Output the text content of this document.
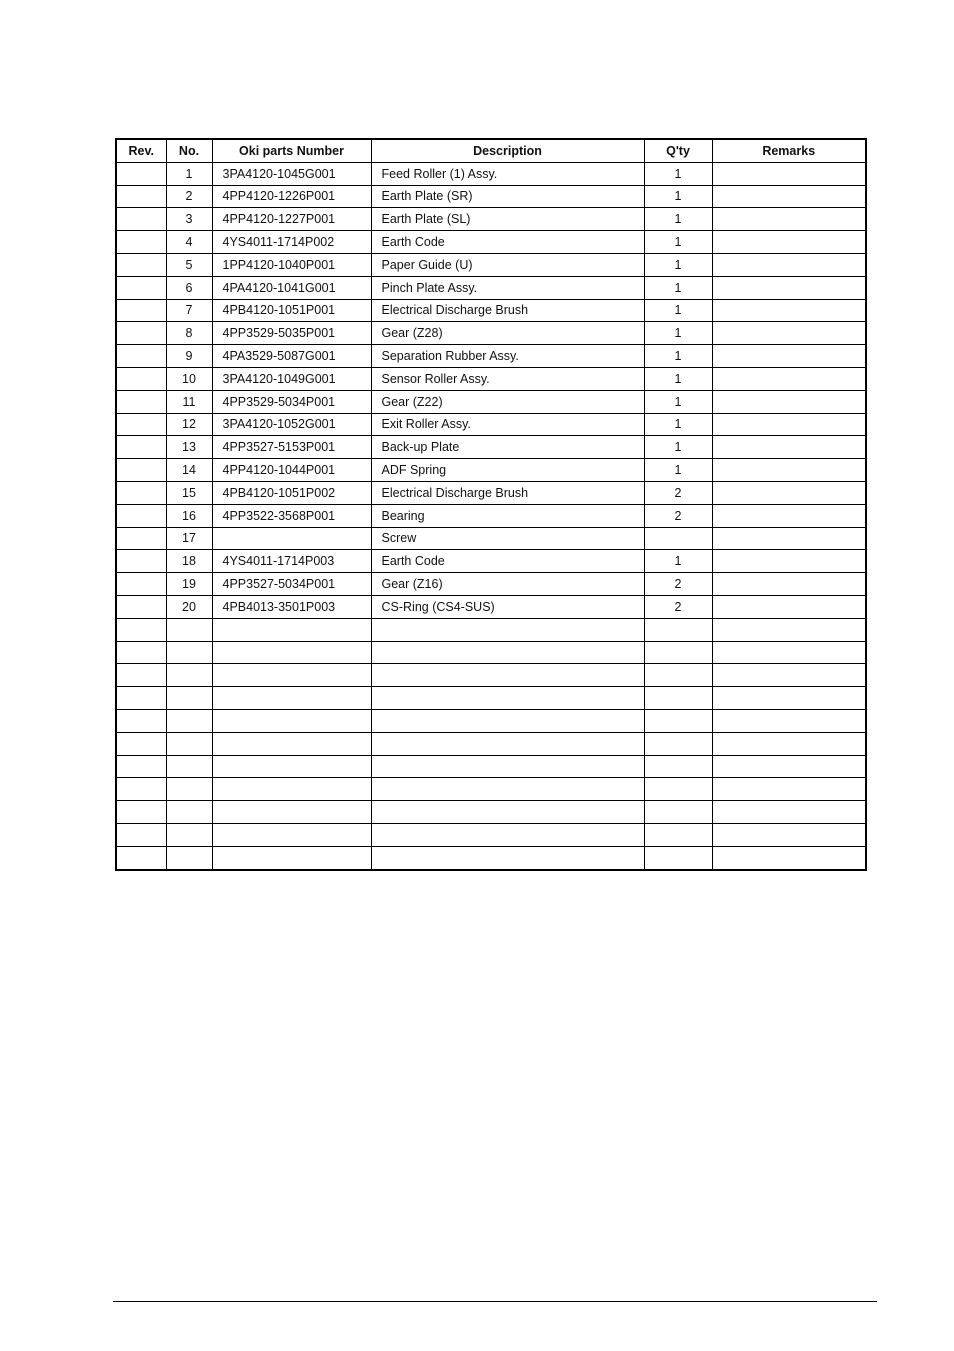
Rev.	No.	Oki parts Number	Description	Q'ty	Remarks
	1	3PA4120-1045G001	Feed Roller (1) Assy.	1	
	2	4PP4120-1226P001	Earth Plate (SR)	1	
	3	4PP4120-1227P001	Earth Plate (SL)	1	
	4	4YS4011-1714P002	Earth Code	1	
	5	1PP4120-1040P001	Paper Guide (U)	1	
	6	4PA4120-1041G001	Pinch Plate Assy.	1	
	7	4PB4120-1051P001	Electrical Discharge Brush	1	
	8	4PP3529-5035P001	Gear (Z28)	1	
	9	4PA3529-5087G001	Separation Rubber Assy.	1	
	10	3PA4120-1049G001	Sensor Roller Assy.	1	
	11	4PP3529-5034P001	Gear (Z22)	1	
	12	3PA4120-1052G001	Exit Roller Assy.	1	
	13	4PP3527-5153P001	Back-up Plate	1	
	14	4PP4120-1044P001	ADF Spring	1	
	15	4PB4120-1051P002	Electrical Discharge Brush	2	
	16	4PP3522-3568P001	Bearing	2	
	17		Screw		
	18	4YS4011-1714P003	Earth Code	1	
	19	4PP3527-5034P001	Gear (Z16)	2	
	20	4PB4013-3501P003	CS-Ring (CS4-SUS)	2	
